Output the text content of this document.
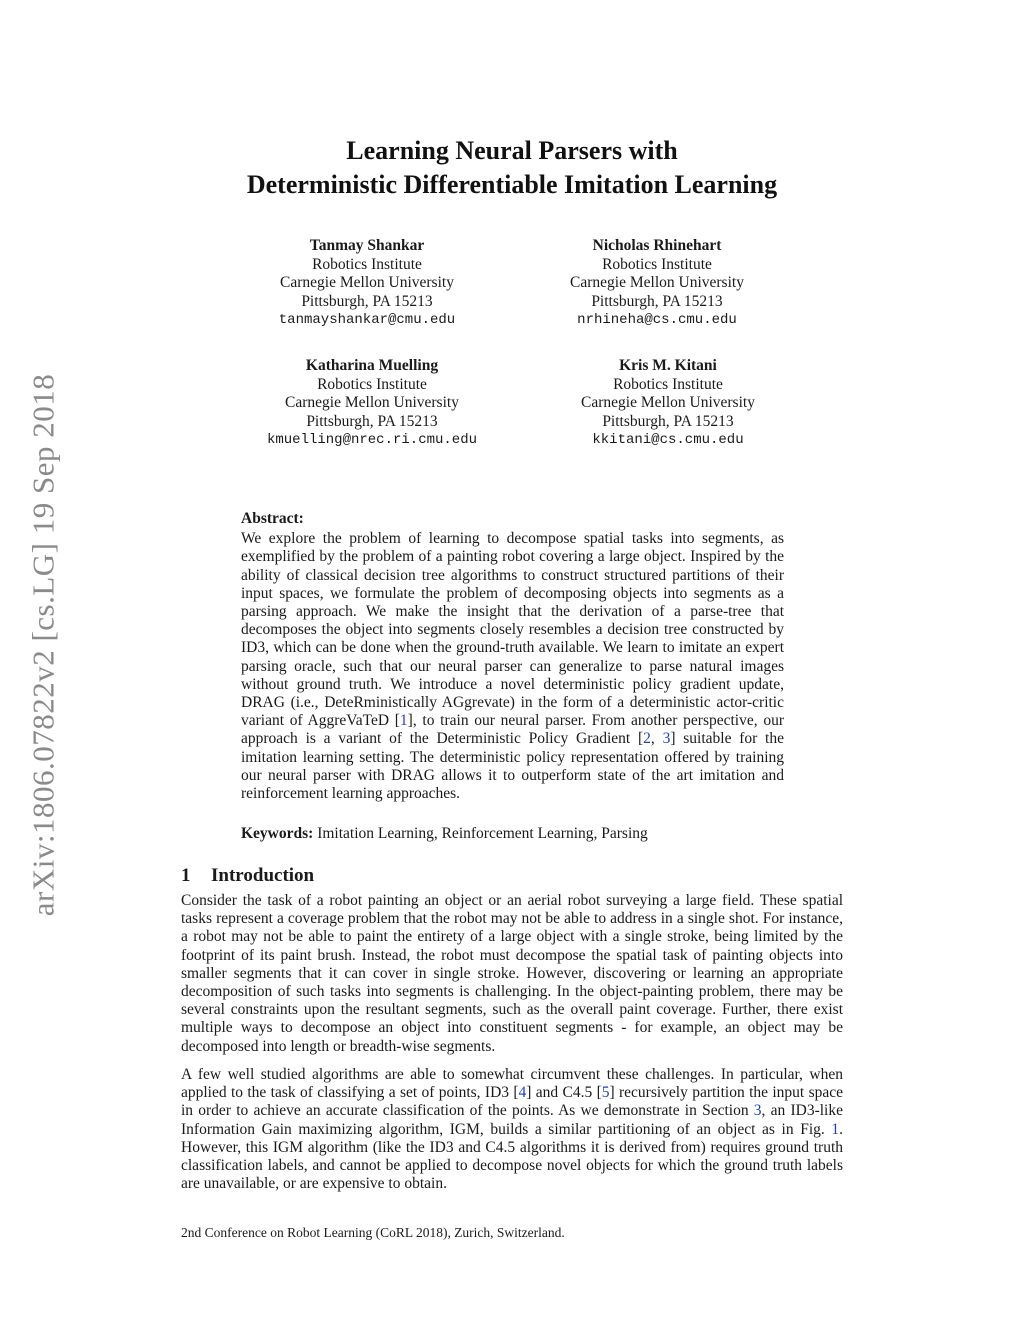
arXiv:1806.07822v2 [cs.LG] 19 Sep 2018
Learning Neural Parsers with
Deterministic Differentiable Imitation Learning
Tanmay Shankar
Robotics Institute
Carnegie Mellon University
Pittsburgh, PA 15213
tanmayshankar@cmu.edu
Nicholas Rhinehart
Robotics Institute
Carnegie Mellon University
Pittsburgh, PA 15213
nrhineha@cs.cmu.edu
Katharina Muelling
Robotics Institute
Carnegie Mellon University
Pittsburgh, PA 15213
kmuelling@nrec.ri.cmu.edu
Kris M. Kitani
Robotics Institute
Carnegie Mellon University
Pittsburgh, PA 15213
kkitani@cs.cmu.edu
Abstract:
We explore the problem of learning to decompose spatial tasks into segments, as exemplified by the problem of a painting robot covering a large object. Inspired by the ability of classical decision tree algorithms to construct structured partitions of their input spaces, we formulate the problem of decomposing objects into segments as a parsing approach. We make the insight that the derivation of a parse-tree that decomposes the object into segments closely resembles a decision tree constructed by ID3, which can be done when the ground-truth available. We learn to imitate an expert parsing oracle, such that our neural parser can generalize to parse natural images without ground truth. We introduce a novel deterministic policy gradient update, DRAG (i.e., DeteRministically AGgrevate) in the form of a deterministic actor-critic variant of AggreVaTeD [1], to train our neural parser. From another perspective, our approach is a variant of the Deterministic Policy Gradient [2, 3] suitable for the imitation learning setting. The deterministic policy representation offered by training our neural parser with DRAG allows it to outperform state of the art imitation and reinforcement learning approaches.
Keywords: Imitation Learning, Reinforcement Learning, Parsing
1 Introduction
Consider the task of a robot painting an object or an aerial robot surveying a large field. These spatial tasks represent a coverage problem that the robot may not be able to address in a single shot. For instance, a robot may not be able to paint the entirety of a large object with a single stroke, being limited by the footprint of its paint brush. Instead, the robot must decompose the spatial task of painting objects into smaller segments that it can cover in single stroke. However, discovering or learning an appropriate decomposition of such tasks into segments is challenging. In the object-painting problem, there may be several constraints upon the resultant segments, such as the overall paint coverage. Further, there exist multiple ways to decompose an object into constituent segments - for example, an object may be decomposed into length or breadth-wise segments.
A few well studied algorithms are able to somewhat circumvent these challenges. In particular, when applied to the task of classifying a set of points, ID3 [4] and C4.5 [5] recursively partition the input space in order to achieve an accurate classification of the points. As we demonstrate in Section 3, an ID3-like Information Gain maximizing algorithm, IGM, builds a similar partitioning of an object as in Fig. 1. However, this IGM algorithm (like the ID3 and C4.5 algorithms it is derived from) requires ground truth classification labels, and cannot be applied to decompose novel objects for which the ground truth labels are unavailable, or are expensive to obtain.
2nd Conference on Robot Learning (CoRL 2018), Zurich, Switzerland.
